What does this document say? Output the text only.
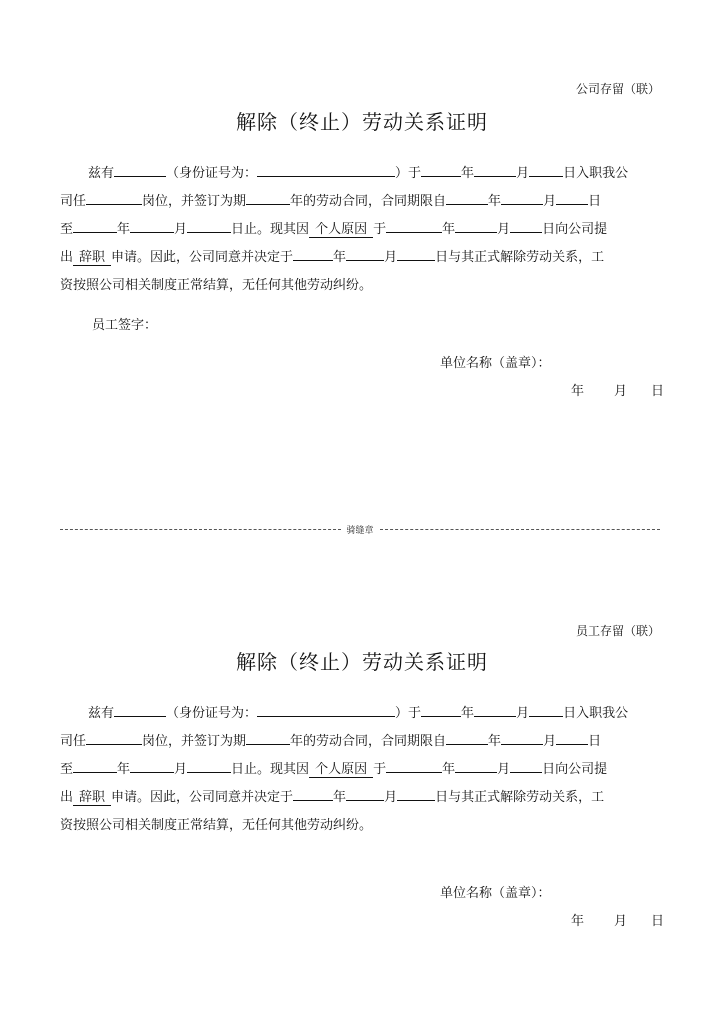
公司存留（联）
解除（终止）劳动关系证明
兹有	（身份证号为：	）于	年	月	日入职我公
司任	岗位，并签订为期	年的劳动合同，合同期限自	年	月 日
至	年	月	日止。现其因 个人原因 于	年	月 日向公司提
出 辞职 申请。因此，公司同意并决定于	年	月	日与其正式解除劳动关系，工
资按照公司相关制度正常结算，无任何其他劳动纠纷。
员工签字：
单位名称（盖章）：
年 月 日
骑缝章
员工存留（联）
解除（终止）劳动关系证明
兹有	（身份证号为：	）于	年	月	日入职我公
司任	岗位，并签订为期	年的劳动合同，合同期限自	年	月 日
至	年	月	日止。现其因 个人原因 于	年	月 日向公司提
出 辞职 申请。因此，公司同意并决定于	年	月	日与其正式解除劳动关系，工
资按照公司相关制度正常结算，无任何其他劳动纠纷。
单位名称（盖章）：
年 月 日
